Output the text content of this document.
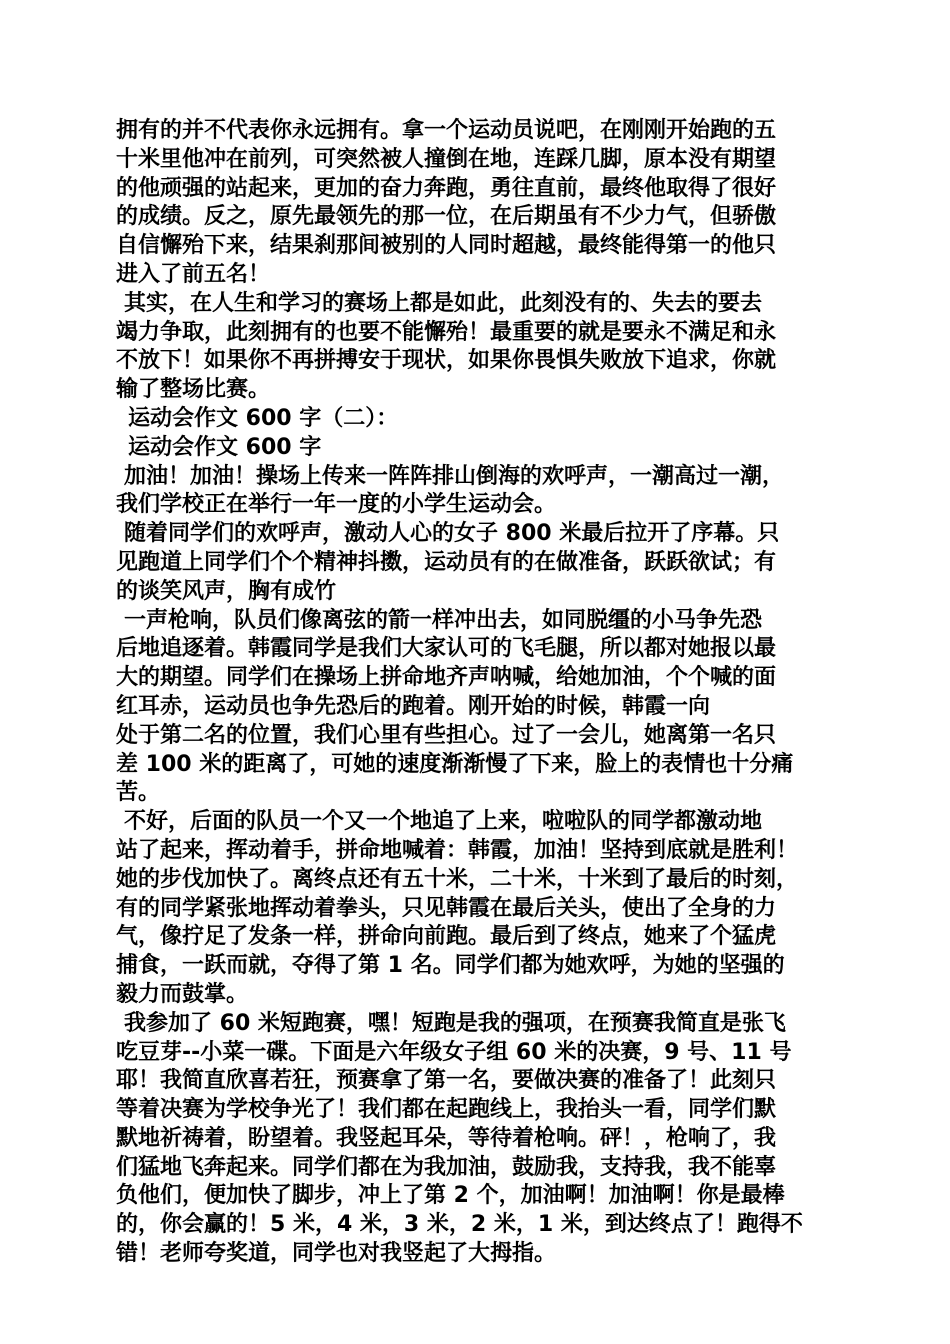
拥有的并不代表你永远拥有。拿一个运动员说吧，在刚刚开始跑的五
十米里他冲在前列，可突然被人撞倒在地，连踩几脚，原本没有期望
的他顽强的站起来，更加的奋力奔跑，勇往直前，最终他取得了很好
的成绩。反之，原先最领先的那一位，在后期虽有不少力气，但骄傲
自信懈殆下来，结果刹那间被别的人同时超越，最终能得第一的他只
进入了前五名！
其实，在人生和学习的赛场上都是如此，此刻没有的、失去的要去
竭力争取，此刻拥有的也要不能懈殆！最重要的就是要永不满足和永
不放下！如果你不再拼搏安于现状，如果你畏惧失败放下追求，你就
输了整场比赛。
运动会作文 600 字（二）：
运动会作文 600 字
加油！加油！操场上传来一阵阵排山倒海的欢呼声，一潮高过一潮，
我们学校正在举行一年一度的小学生运动会。
随着同学们的欢呼声，激动人心的女子 800 米最后拉开了序幕。只
见跑道上同学们个个精神抖擞，运动员有的在做准备，跃跃欲试；有
的谈笑风声，胸有成竹
一声枪响，队员们像离弦的箭一样冲出去，如同脱缰的小马争先恐
后地追逐着。韩霞同学是我们大家认可的飞毛腿，所以都对她报以最
大的期望。同学们在操场上拼命地齐声呐喊，给她加油，个个喊的面
红耳赤，运动员也争先恐后的跑着。刚开始的时候，韩霞一向
处于第二名的位置，我们心里有些担心。过了一会儿，她离第一名只
差 100 米的距离了，可她的速度渐渐慢了下来，脸上的表情也十分痛
苦。
不好，后面的队员一个又一个地追了上来，啦啦队的同学都激动地
站了起来，挥动着手，拼命地喊着：韩霞，加油！坚持到底就是胜利！
她的步伐加快了。离终点还有五十米，二十米，十米到了最后的时刻，
有的同学紧张地挥动着拳头，只见韩霞在最后关头，使出了全身的力
气，像拧足了发条一样，拼命向前跑。最后到了终点，她来了个猛虎
捕食，一跃而就，夺得了第 1 名。同学们都为她欢呼，为她的坚强的
毅力而鼓掌。
我参加了 60 米短跑赛，嘿！短跑是我的强项，在预赛我简直是张飞
吃豆芽--小菜一碟。下面是六年级女子组 60 米的决赛，9 号、11 号
耶！我简直欣喜若狂，预赛拿了第一名，要做决赛的准备了！此刻只
等着决赛为学校争光了！我们都在起跑线上，我抬头一看，同学们默
默地祈祷着，盼望着。我竖起耳朵，等待着枪响。砰！，枪响了，我
们猛地飞奔起来。同学们都在为我加油，鼓励我，支持我，我不能辜
负他们，便加快了脚步，冲上了第 2 个，加油啊！加油啊！你是最棒
的，你会赢的！5 米，4 米，3 米，2 米，1 米，到达终点了！跑得不
错！老师夸奖道，同学也对我竖起了大拇指。
